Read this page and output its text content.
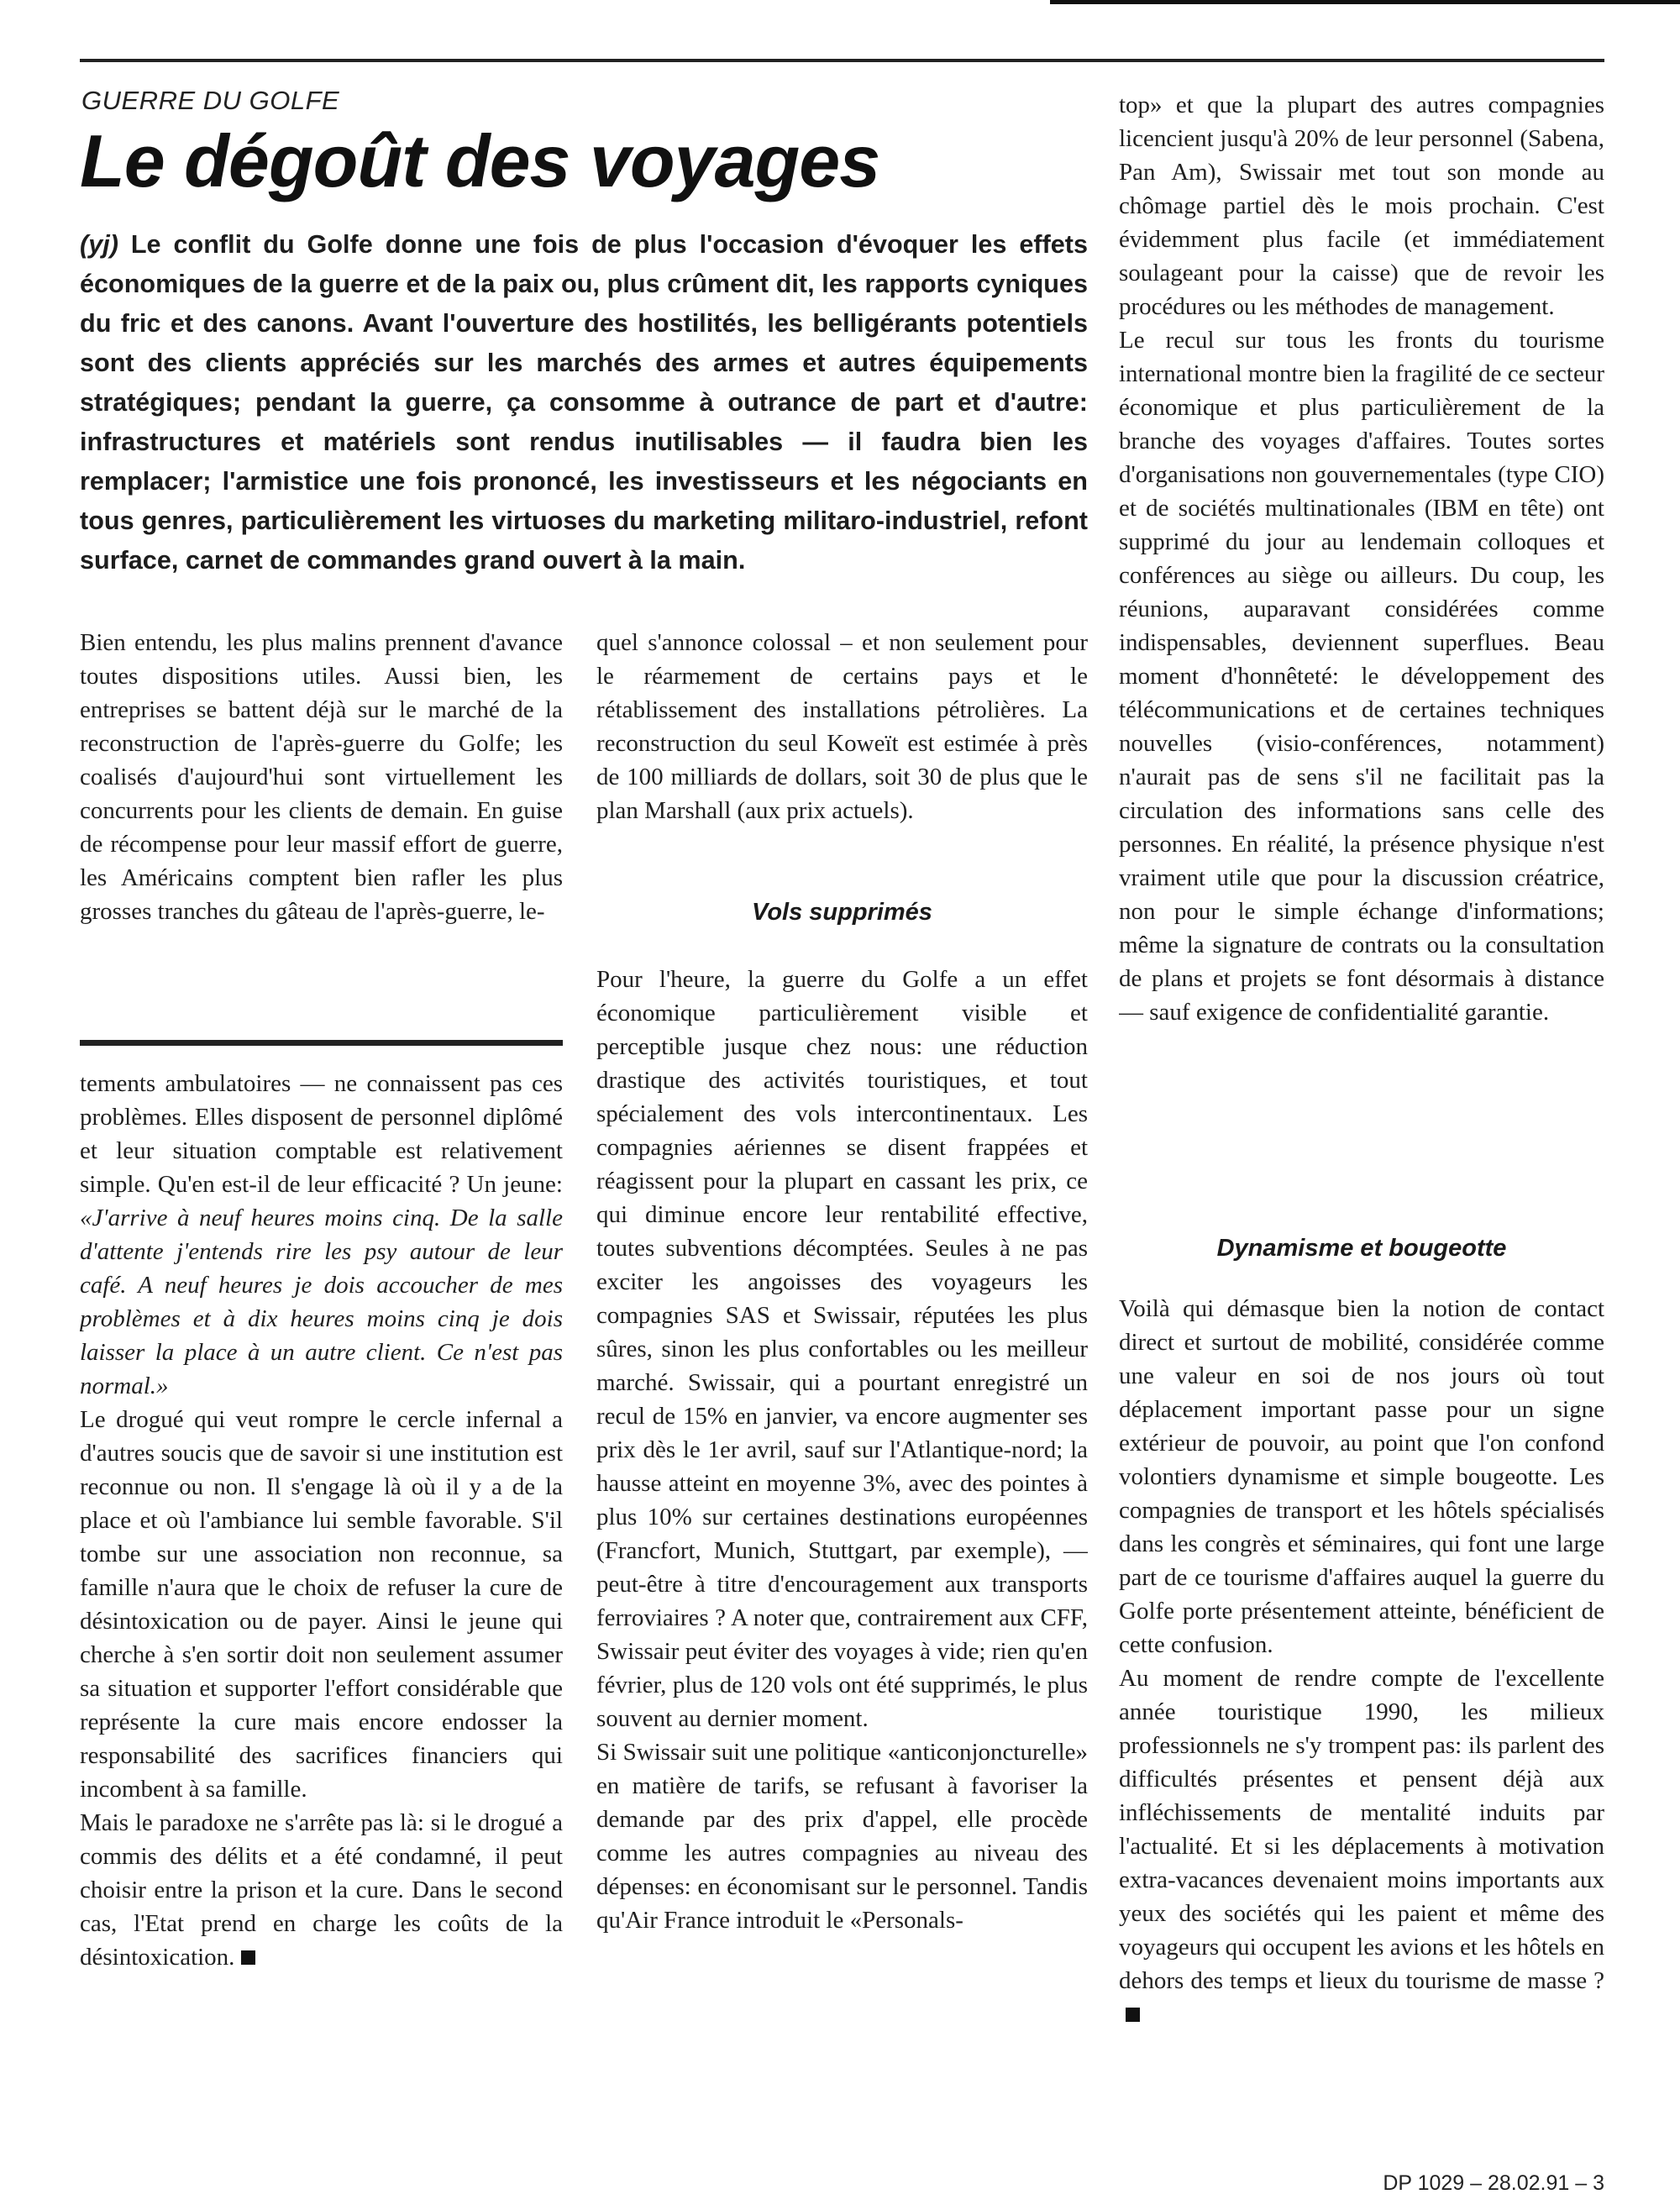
GUERRE DU GOLFE
Le dégoût des voyages

(yj) Le conflit du Golfe donne une fois de plus l'occasion d'évoquer les effets économiques de la guerre et de la paix ou, plus crûment dit, les rapports cyniques du fric et des canons. Avant l'ouverture des hostilités, les belligérants potentiels sont des clients appréciés sur les marchés des armes et autres équipements stratégiques; pendant la guerre, ça consomme à outrance de part et d'autre: infrastructures et matériels sont rendus inutilisables — il faudra bien les remplacer; l'armistice une fois prononcé, les investisseurs et les négociants en tous genres, particulièrement les virtuoses du marketing militaro-industriel, refont surface, carnet de commandes grand ouvert à la main.

Bien entendu, les plus malins prennent d'avance toutes dispositions utiles. Aussi bien, les entreprises se battent déjà sur le marché de la reconstruction de l'après-guerre du Golfe; les coalisés d'aujourd'hui sont virtuellement les concurrents pour les clients de demain. En guise de récompense pour leur massif effort de guerre, les Américains comptent bien rafler les plus grosses tranches du gâteau de l'après-guerre, le-

quel s'annonce colossal – et non seulement pour le réarmement de certains pays et le rétablissement des installations pétrolières. La reconstruction du seul Koweït est estimée à près de 100 milliards de dollars, soit 30 de plus que le plan Marshall (aux prix actuels).

Vols supprimés

Pour l'heure, la guerre du Golfe a un effet économique particulièrement visible et perceptible jusque chez nous: une réduction drastique des activités touristiques, et tout spécialement des vols intercontinentaux. Les compagnies aériennes se disent frappées et réagissent pour la plupart en cassant les prix, ce qui diminue encore leur rentabilité effective, toutes subventions décomptées. Seules à ne pas exciter les angoisses des voyageurs les compagnies SAS et Swissair, réputées les plus sûres, sinon les plus confortables ou les meilleur marché. Swissair, qui a pourtant enregistré un recul de 15% en janvier, va encore augmenter ses prix dès le 1er avril, sauf sur l'Atlantique-nord; la hausse atteint en moyenne 3%, avec des pointes à plus 10% sur certaines destinations européennes (Francfort, Munich, Stuttgart, par exemple), — peut-être à titre d'encouragement aux transports ferroviaires ? A noter que, contrairement aux CFF, Swissair peut éviter des voyages à vide; rien qu'en février, plus de 120 vols ont été supprimés, le plus souvent au dernier moment.

Si Swissair suit une politique «anticonjoncturelle» en matière de tarifs, se refusant à favoriser la demande par des prix d'appel, elle procède comme les autres compagnies au niveau des dépenses: en économisant sur le personnel. Tandis qu'Air France introduit le «Personals-

top» et que la plupart des autres compagnies licencient jusqu'à 20% de leur personnel (Sabena, Pan Am), Swissair met tout son monde au chômage partiel dès le mois prochain. C'est évidemment plus facile (et immédiatement soulageant pour la caisse) que de revoir les procédures ou les méthodes de management.

Le recul sur tous les fronts du tourisme international montre bien la fragilité de ce secteur économique et plus particulièrement de la branche des voyages d'affaires. Toutes sortes d'organisations non gouvernementales (type CIO) et de sociétés multinationales (IBM en tête) ont supprimé du jour au lendemain colloques et conférences au siège ou ailleurs. Du coup, les réunions, auparavant considérées comme indispensables, deviennent superflues. Beau moment d'honnêteté: le développement des télécommunications et de certaines techniques nouvelles (visio-conférences, notamment) n'aurait pas de sens s'il ne facilitait pas la circulation des informations sans celle des personnes. En réalité, la présence physique n'est vraiment utile que pour la discussion créatrice, non pour le simple échange d'informations; même la signature de contrats ou la consultation de plans et projets se font désormais à distance — sauf exigence de confidentialité garantie.

Dynamisme et bougeotte

Voilà qui démasque bien la notion de contact direct et surtout de mobilité, considérée comme une valeur en soi de nos jours où tout déplacement important passe pour un signe extérieur de pouvoir, au point que l'on confond volontiers dynamisme et simple bougeotte. Les compagnies de transport et les hôtels spécialisés dans les congrès et séminaires, qui font une large part de ce tourisme d'affaires auquel la guerre du Golfe porte présentement atteinte, bénéficient de cette confusion.

Au moment de rendre compte de l'excellente année touristique 1990, les milieux professionnels ne s'y trompent pas: ils parlent des difficultés présentes et pensent déjà aux infléchissements de mentalité induits par l'actualité. Et si les déplacements à motivation extra-vacances devenaient moins importants aux yeux des sociétés qui les paient et même des voyageurs qui occupent les avions et les hôtels en dehors des temps et lieux du tourisme de masse ?

tements ambulatoires — ne connaissent pas ces problèmes. Elles disposent de personnel diplômé et leur situation comptable est relativement simple. Qu'en est-il de leur efficacité ? Un jeune: «J'arrive à neuf heures moins cinq. De la salle d'attente j'entends rire les psy autour de leur café. A neuf heures je dois accoucher de mes problèmes et à dix heures moins cinq je dois laisser la place à un autre client. Ce n'est pas normal.»

Le drogué qui veut rompre le cercle infernal a d'autres soucis que de savoir si une institution est reconnue ou non. Il s'engage là où il y a de la place et où l'ambiance lui semble favorable. S'il tombe sur une association non reconnue, sa famille n'aura que le choix de refuser la cure de désintoxication ou de payer. Ainsi le jeune qui cherche à s'en sortir doit non seulement assumer sa situation et supporter l'effort considérable que représente la cure mais encore endosser la responsabilité des sacrifices financiers qui incombent à sa famille.

Mais le paradoxe ne s'arrête pas là: si le drogué a commis des délits et a été condamné, il peut choisir entre la prison et la cure. Dans le second cas, l'Etat prend en charge les coûts de la désintoxication.

DP 1029 – 28.02.91 – 3
